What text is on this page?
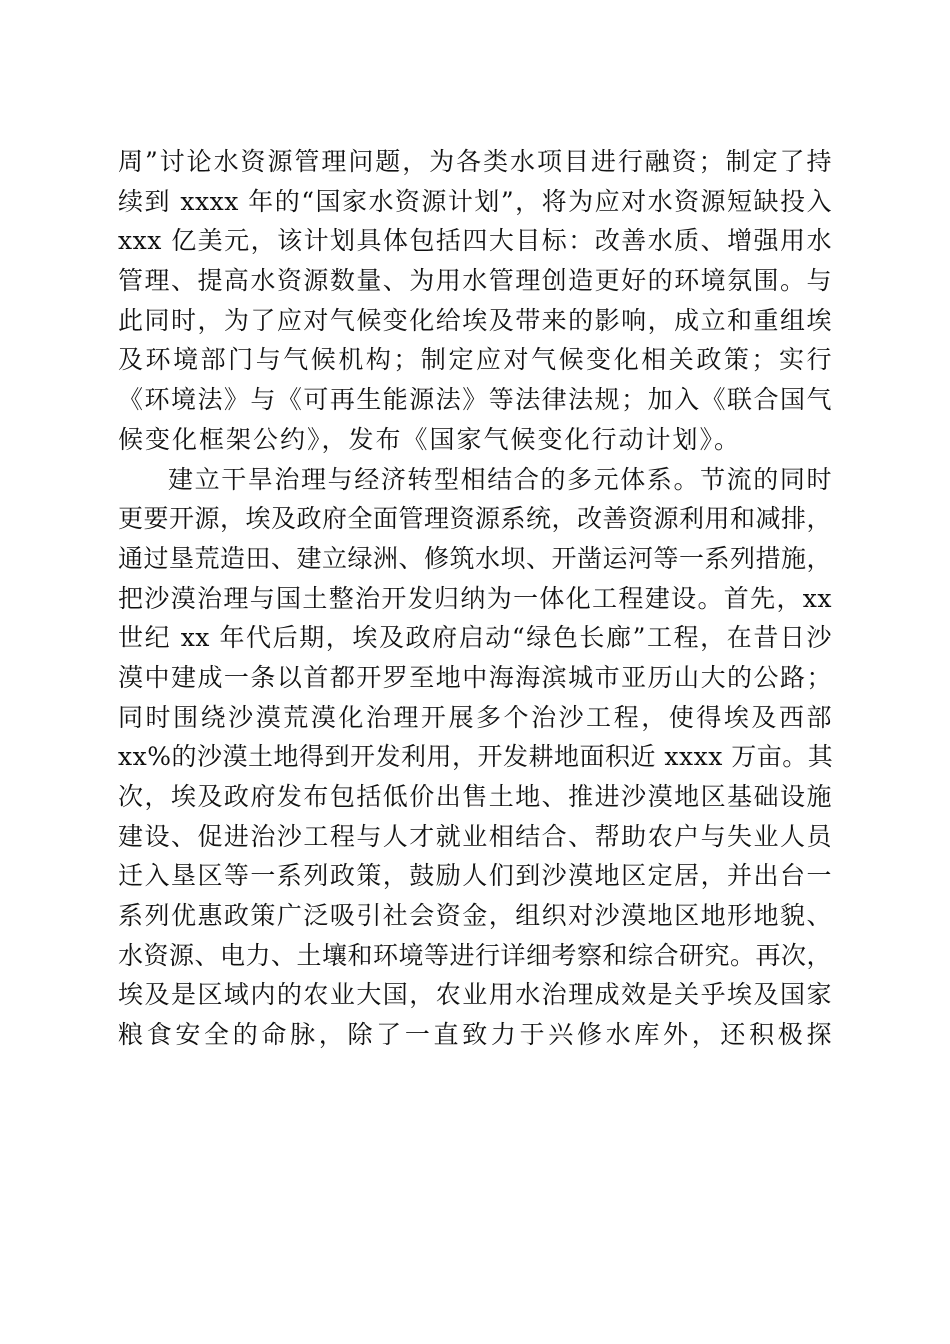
周”讨论水资源管理问题，为各类水项目进行融资；制定了持
续到 xxxx 年的“国家水资源计划”，将为应对水资源短缺投入
xxx 亿美元，该计划具体包括四大目标：改善水质、增强用水
管理、提高水资源数量、为用水管理创造更好的环境氛围。与
此同时，为了应对气候变化给埃及带来的影响，成立和重组埃
及环境部门与气候机构；制定应对气候变化相关政策；实行
《环境法》与《可再生能源法》等法律法规；加入《联合国气
候变化框架公约》，发布《国家气候变化行动计划》。
建立干旱治理与经济转型相结合的多元体系。节流的同时
更要开源，埃及政府全面管理资源系统，改善资源利用和减排，
通过垦荒造田、建立绿洲、修筑水坝、开凿运河等一系列措施，
把沙漠治理与国土整治开发归纳为一体化工程建设。首先，xx
世纪 xx 年代后期，埃及政府启动“绿色长廊”工程，在昔日沙
漠中建成一条以首都开罗至地中海海滨城市亚历山大的公路；
同时围绕沙漠荒漠化治理开展多个治沙工程，使得埃及西部
xx%的沙漠土地得到开发利用，开发耕地面积近 xxxx 万亩。其
次，埃及政府发布包括低价出售土地、推进沙漠地区基础设施
建设、促进治沙工程与人才就业相结合、帮助农户与失业人员
迁入垦区等一系列政策，鼓励人们到沙漠地区定居，并出台一
系列优惠政策广泛吸引社会资金，组织对沙漠地区地形地貌、
水资源、电力、土壤和环境等进行详细考察和综合研究。再次，
埃及是区域内的农业大国，农业用水治理成效是关乎埃及国家
粮食安全的命脉，除了一直致力于兴修水库外，还积极探
